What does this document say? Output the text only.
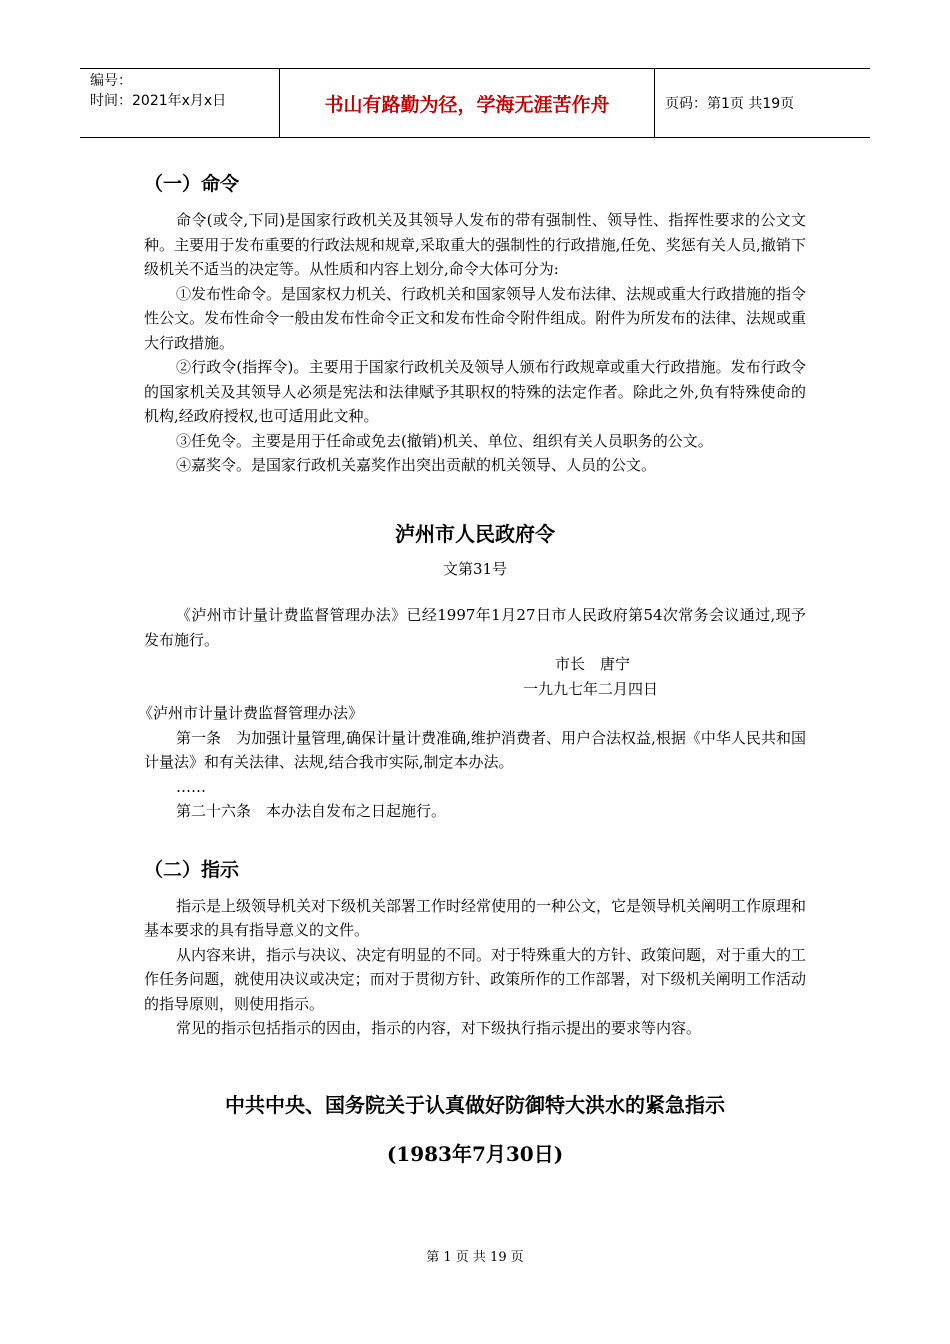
编号：
时间：2021年x月x日	书山有路勤为径，学海无涯苦作舟	页码：第1页 共19页
（一）命令

命令(或令,下同)是国家行政机关及其领导人发布的带有强制性、领导性、指挥性要求的公文文种。主要用于发布重要的行政法规和规章,采取重大的强制性的行政措施,任免、奖惩有关人员,撤销下级机关不适当的决定等。从性质和内容上划分,命令大体可分为:

①发布性命令。是国家权力机关、行政机关和国家领导人发布法律、法规或重大行政措施的指令性公文。发布性命令一般由发布性命令正文和发布性命令附件组成。附件为所发布的法律、法规或重大行政措施。

②行政令(指挥令)。主要用于国家行政机关及领导人颁布行政规章或重大行政措施。发布行政令的国家机关及其领导人必须是宪法和法律赋予其职权的特殊的法定作者。除此之外,负有特殊使命的机构,经政府授权,也可适用此文种。

③任免令。主要是用于任命或免去(撤销)机关、单位、组织有关人员职务的公文。

④嘉奖令。是国家行政机关嘉奖作出突出贡献的机关领导、人员的公文。

泸州市人民政府令

文第31号

《泸州市计量计费监督管理办法》已经1997年1月27日市人民政府第54次常务会议通过,现予发布施行。

市长　唐宁

一九九七年二月四日

《泸州市计量计费监督管理办法》

第一条　为加强计量管理,确保计量计费准确,维护消费者、用户合法权益,根据《中华人民共和国计量法》和有关法律、法规,结合我市实际,制定本办法。

……

第二十六条　本办法自发布之日起施行。

（二）指示

指示是上级领导机关对下级机关部署工作时经常使用的一种公文，它是领导机关阐明工作原理和基本要求的具有指导意义的文件。

从内容来讲，指示与决议、决定有明显的不同。对于特殊重大的方针、政策问题，对于重大的工作任务问题，就使用决议或决定；而对于贯彻方针、政策所作的工作部署，对下级机关阐明工作活动的指导原则，则使用指示。

常见的指示包括指示的因由，指示的内容，对下级执行指示提出的要求等内容。

中共中央、国务院关于认真做好防御特大洪水的紧急指示
(1983年7月30日)
第 1 页 共 19 页
